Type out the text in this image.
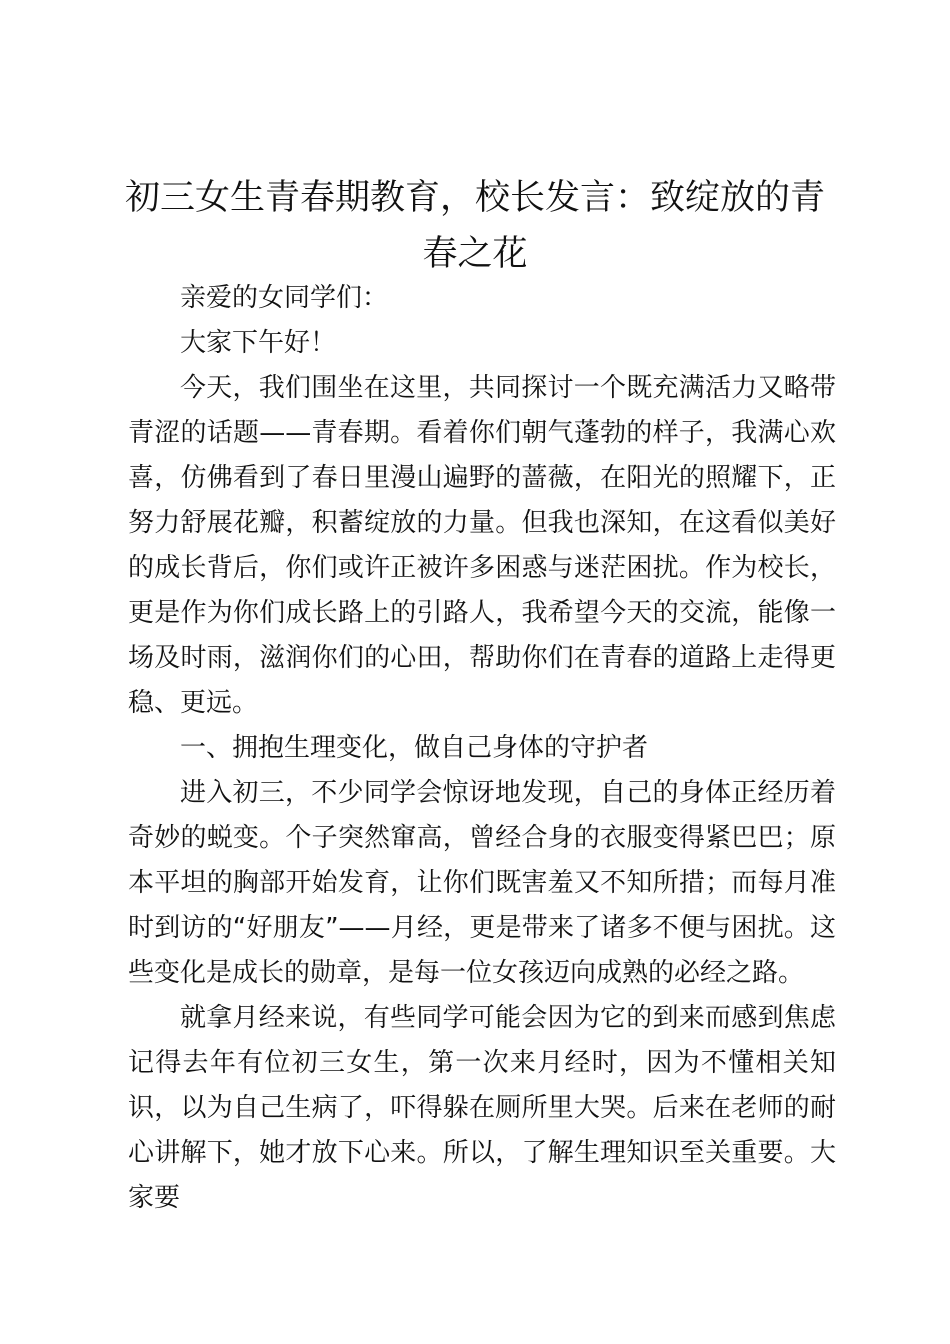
初三女生青春期教育，校长发言：致绽放的青春之花

亲爱的女同学们：

大家下午好！

今天，我们围坐在这里，共同探讨一个既充满活力又略带青涩的话题——青春期。看着你们朝气蓬勃的样子，我满心欢喜，仿佛看到了春日里漫山遍野的蔷薇，在阳光的照耀下，正努力舒展花瓣，积蓄绽放的力量。但我也深知，在这看似美好的成长背后，你们或许正被许多困惑与迷茫困扰。作为校长，更是作为你们成长路上的引路人，我希望今天的交流，能像一场及时雨，滋润你们的心田，帮助你们在青春的道路上走得更稳、更远。

一、拥抱生理变化，做自己身体的守护者

进入初三，不少同学会惊讶地发现，自己的身体正经历着奇妙的蜕变。个子突然窜高，曾经合身的衣服变得紧巴巴；原本平坦的胸部开始发育，让你们既害羞又不知所措；而每月准时到访的“好朋友”——月经，更是带来了诸多不便与困扰。这些变化是成长的勋章，是每一位女孩迈向成熟的必经之路。

就拿月经来说，有些同学可能会因为它的到来而感到焦虑记得去年有位初三女生，第一次来月经时，因为不懂相关知识，以为自己生病了，吓得躲在厕所里大哭。后来在老师的耐心讲解下，她才放下心来。所以，了解生理知识至关重要。大家要
